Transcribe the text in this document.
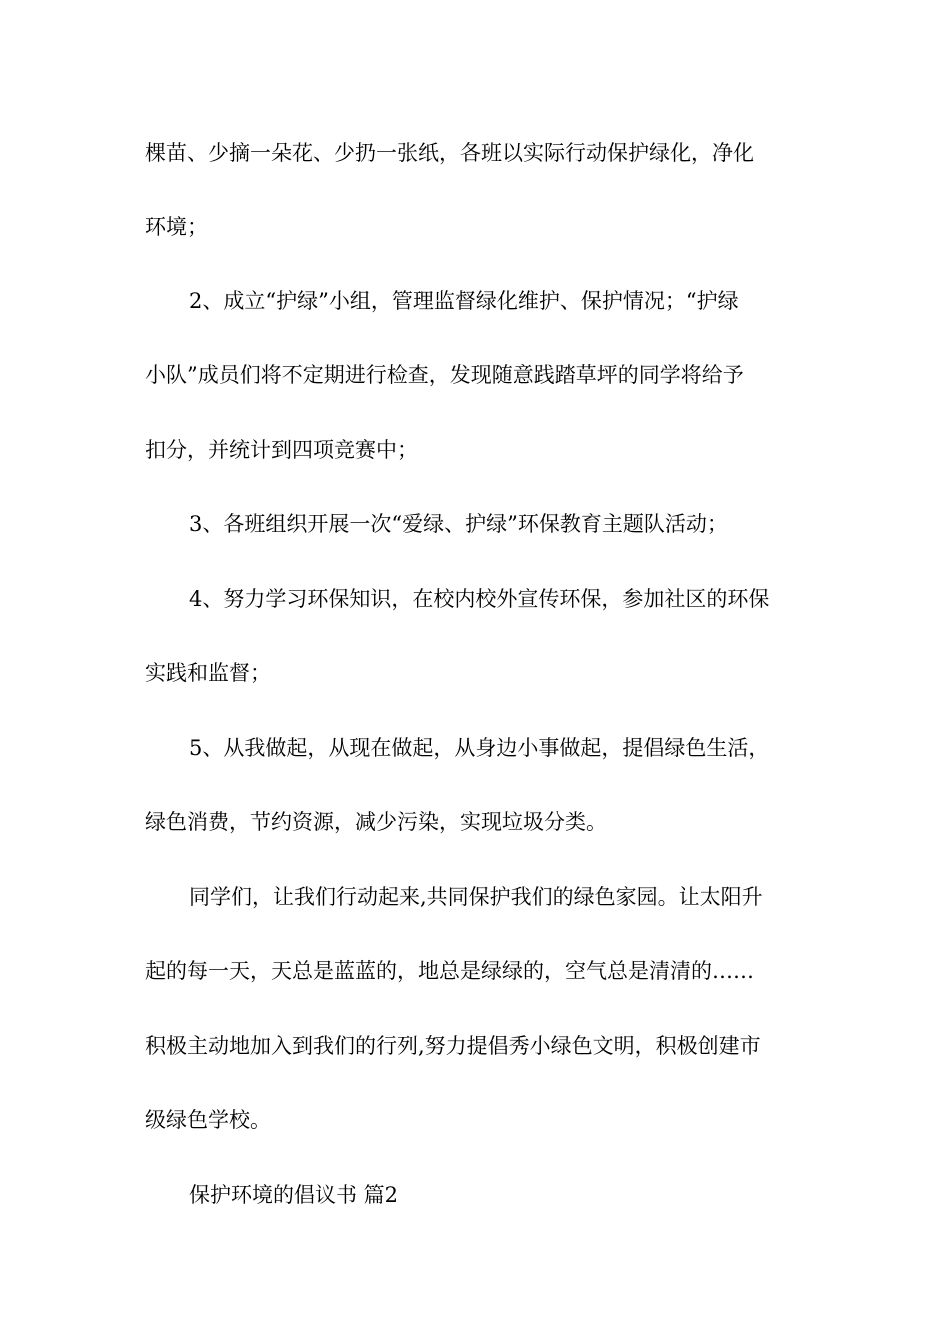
棵苗、少摘一朵花、少扔一张纸，各班以实际行动保护绿化，净化
环境；
2、成立“护绿”小组，管理监督绿化维护、保护情况；“护绿
小队”成员们将不定期进行检查，发现随意践踏草坪的同学将给予
扣分，并统计到四项竞赛中；
3、各班组织开展一次“爱绿、护绿”环保教育主题队活动；
4、努力学习环保知识，在校内校外宣传环保，参加社区的环保
实践和监督；
5、从我做起，从现在做起，从身边小事做起，提倡绿色生活，
绿色消费，节约资源，减少污染，实现垃圾分类。
同学们，让我们行动起来,共同保护我们的绿色家园。让太阳升
起的每一天，天总是蓝蓝的，地总是绿绿的，空气总是清清的……
积极主动地加入到我们的行列,努力提倡秀小绿色文明，积极创建市
级绿色学校。
保护环境的倡议书 篇2
